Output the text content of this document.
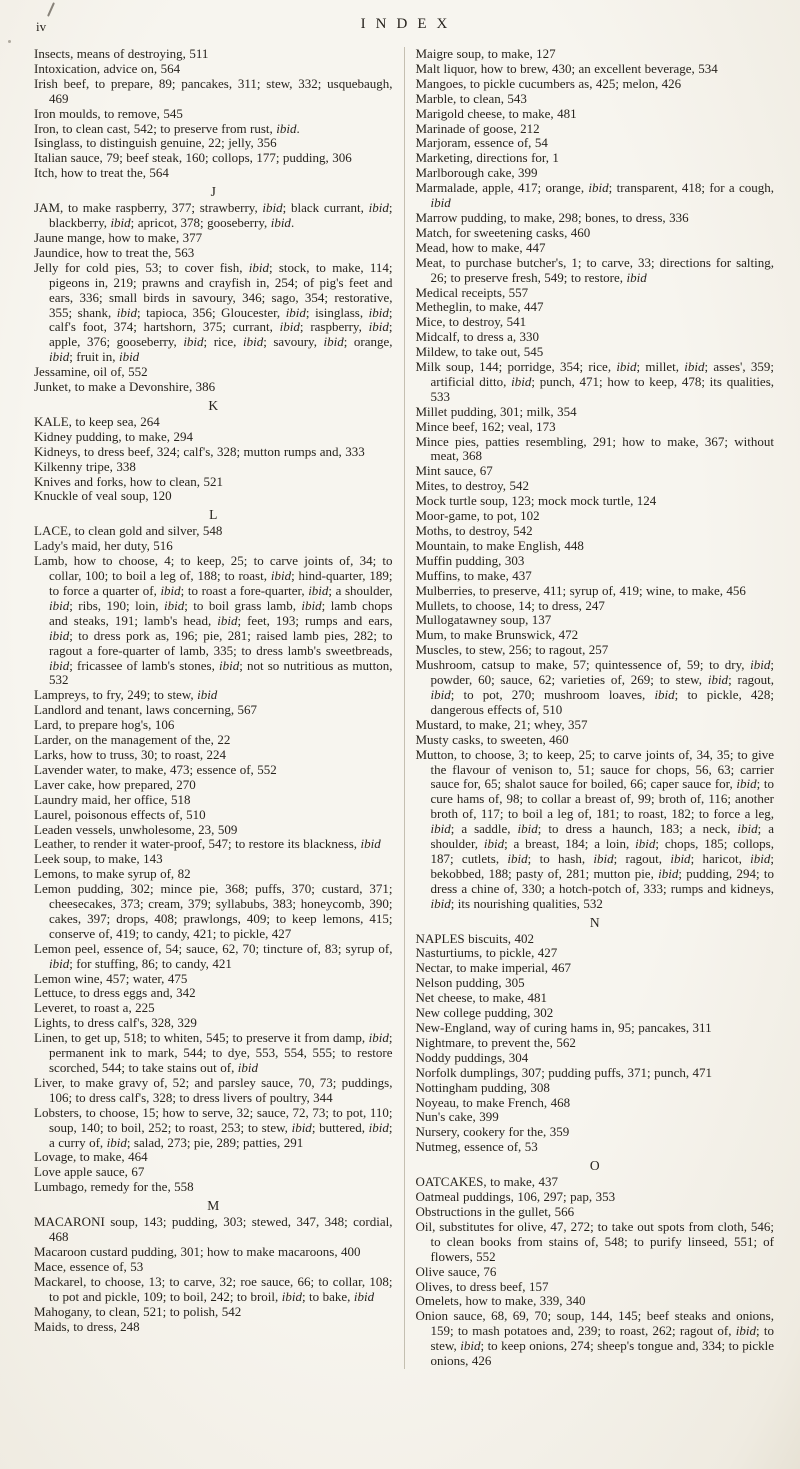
iv	INDEX
Insects, means of destroying, 511
Intoxication, advice on, 564
Irish beef, to prepare, 89; pancakes, 311; stew, 332; usquebaugh, 469
Iron moulds, to remove, 545
Iron, to clean cast, 542; to preserve from rust, ibid.
Isinglass, to distinguish genuine, 22; jelly, 356
Italian sauce, 79; beef steak, 160; collops, 177; pudding, 306
Itch, how to treat the, 564
J
JAM, to make raspberry, 377; strawberry, ibid; black currant, ibid; blackberry, ibid; apricot, 378; gooseberry, ibid.
Jaune mange, how to make, 377
Jaundice, how to treat the, 563
Jelly for cold pies, 53; to cover fish, ibid; stock, to make, 114; pigeons in, 219; prawns and crayfish in, 254; of pig's feet and ears, 336; small birds in savoury, 346; sago, 354; restorative, 355; shank, ibid; tapioca, 356; Gloucester, ibid; isinglass, ibid; calf's foot, 374; hartshorn, 375; currant, ibid; raspberry, ibid; apple, 376; gooseberry, ibid; rice, ibid; savoury, ibid; orange, ibid; fruit in, ibid
Jessamine, oil of, 552
Junket, to make a Devonshire, 386
K
KALE, to keep sea, 264
Kidney pudding, to make, 294
Kidneys, to dress beef, 324; calf's, 328; mutton rumps and, 333
Kilkenny tripe, 338
Knives and forks, how to clean, 521
Knuckle of veal soup, 120
L
LACE, to clean gold and silver, 548
Lady's maid, her duty, 516
Lamb, how to choose, 4; to keep, 25; to carve joints of, 34; to collar, 100; to boil a leg of, 188; to roast, ibid; hind-quarter, 189; to force a quarter of, ibid; to roast a fore-quarter, ibid; a shoulder, ibid; ribs, 190; loin, ibid; to boil grass lamb, ibid; lamb chops and steaks, 191; lamb's head, ibid; feet, 193; rumps and ears, ibid; to dress pork as, 196; pie, 281; raised lamb pies, 282; to ragout a fore-quarter of lamb, 335; to dress lamb's sweetbreads, ibid; fricassee of lamb's stones, ibid; not so nutritious as mutton, 532
Lampreys, to fry, 249; to stew, ibid
Landlord and tenant, laws concerning, 567
Lard, to prepare hog's, 106
Larder, on the management of the, 22
Larks, how to truss, 30; to roast, 224
Lavender water, to make, 473; essence of, 552
Laver cake, how prepared, 270
Laundry maid, her office, 518
Laurel, poisonous effects of, 510
Leaden vessels, unwholesome, 23, 509
Leather, to render it water-proof, 547; to restore its blackness, ibid
Leek soup, to make, 143
Lemons, to make syrup of, 82
Lemon pudding, 302; mince pie, 368; puffs, 370; custard, 371; cheesecakes, 373; cream, 379; syllabubs, 383; honeycomb, 390; cakes, 397; drops, 408; prawlongs, 409; to keep lemons, 415; conserve of, 419; to candy, 421; to pickle, 427
Lemon peel, essence of, 54; sauce, 62, 70; tincture of, 83; syrup of, ibid; for stuffing, 86; to candy, 421
Lemon wine, 457; water, 475
Lettuce, to dress eggs and, 342
Leveret, to roast a, 225
Lights, to dress calf's, 328, 329
Linen, to get up, 518; to whiten, 545; to preserve it from damp, ibid; permanent ink to mark, 544; to dye, 553, 554, 555; to restore scorched, 544; to take stains out of, ibid
Liver, to make gravy of, 52; and parsley sauce, 70, 73; puddings, 106; to dress calf's, 328; to dress livers of poultry, 344
Lobsters, to choose, 15; how to serve, 32; sauce, 72, 73; to pot, 110; soup, 140; to boil, 252; to roast, 253; to stew, ibid; buttered, ibid; a curry of, ibid; salad, 273; pie, 289; patties, 291
Lovage, to make, 464
Love apple sauce, 67
Lumbago, remedy for the, 558
M
MACARONI soup, 143; pudding, 303; stewed, 347, 348; cordial, 468
Macaroon custard pudding, 301; how to make macaroons, 400
Mace, essence of, 53
Mackarel, to choose, 13; to carve, 32; roe sauce, 66; to collar, 108; to pot and pickle, 109; to boil, 242; to broil, ibid; to bake, ibid
Mahogany, to clean, 521; to polish, 542
Maids, to dress, 248
Maigre soup, to make, 127
Malt liquor, how to brew, 430; an excellent beverage, 534
Mangoes, to pickle cucumbers as, 425; melon, 426
Marble, to clean, 543
Marigold cheese, to make, 481
Marinade of goose, 212
Marjoram, essence of, 54
Marketing, directions for, 1
Marlborough cake, 399
Marmalade, apple, 417; orange, ibid; transparent, 418; for a cough, ibid
Marrow pudding, to make, 298; bones, to dress, 336
Match, for sweetening casks, 460
Mead, how to make, 447
Meat, to purchase butcher's, 1; to carve, 33; directions for salting, 26; to preserve fresh, 549; to restore, ibid
Medical receipts, 557
Metheglin, to make, 447
Mice, to destroy, 541
Midcalf, to dress a, 330
Mildew, to take out, 545
Milk soup, 144; porridge, 354; rice, ibid; millet, ibid; asses', 359; artificial ditto, ibid; punch, 471; how to keep, 478; its qualities, 533
Millet pudding, 301; milk, 354
Mince beef, 162; veal, 173
Mince pies, patties resembling, 291; how to make, 367; without meat, 368
Mint sauce, 67
Mites, to destroy, 542
Mock turtle soup, 123; mock mock turtle, 124
Moor-game, to pot, 102
Moths, to destroy, 542
Mountain, to make English, 448
Muffin pudding, 303
Muffins, to make, 437
Mulberries, to preserve, 411; syrup of, 419; wine, to make, 456
Mullets, to choose, 14; to dress, 247
Mullogatawney soup, 137
Mum, to make Brunswick, 472
Muscles, to stew, 256; to ragout, 257
Mushroom, catsup to make, 57; quintessence of, 59; to dry, ibid; powder, 60; sauce, 62; varieties of, 269; to stew, ibid; ragout, ibid; to pot, 270; mushroom loaves, ibid; to pickle, 428; dangerous effects of, 510
Mustard, to make, 21; whey, 357
Musty casks, to sweeten, 460
Mutton, to choose, 3; to keep, 25; to carve joints of, 34, 35; to give the flavour of venison to, 51; sauce for chops, 56, 63; carrier sauce for, 65; shalot sauce for boiled, 66; caper sauce for, ibid; to cure hams of, 98; to collar a breast of, 99; broth of, 116; another broth of, 117; to boil a leg of, 181; to roast, 182; to force a leg, ibid; a saddle, ibid; to dress a haunch, 183; a neck, ibid; a shoulder, ibid; a breast, 184; a loin, ibid; chops, 185; collops, 187; cutlets, ibid; to hash, ibid; ragout, ibid; haricot, ibid; bekobbed, 188; pasty of, 281; mutton pie, ibid; pudding, 294; to dress a chine of, 330; a hotch-potch of, 333; rumps and kidneys, ibid; its nourishing qualities, 532
N
NAPLES biscuits, 402
Nasturtiums, to pickle, 427
Nectar, to make imperial, 467
Nelson pudding, 305
Net cheese, to make, 481
New college pudding, 302
New-England, way of curing hams in, 95; pancakes, 311
Nightmare, to prevent the, 562
Noddy puddings, 304
Norfolk dumplings, 307; pudding puffs, 371; punch, 471
Nottingham pudding, 308
Noyeau, to make French, 468
Nun's cake, 399
Nursery, cookery for the, 359
Nutmeg, essence of, 53
O
OATCAKES, to make, 437
Oatmeal puddings, 106, 297; pap, 353
Obstructions in the gullet, 566
Oil, substitutes for olive, 47, 272; to take out spots from cloth, 546; to clean books from stains of, 548; to purify linseed, 551; of flowers, 552
Olive sauce, 76
Olives, to dress beef, 157
Omelets, how to make, 339, 340
Onion sauce, 68, 69, 70; soup, 144, 145; beef steaks and onions, 159; to mash potatoes and, 239; to roast, 262; ragout of, ibid; to stew, ibid; to keep onions, 274; sheep's tongue and, 334; to pickle onions, 426
